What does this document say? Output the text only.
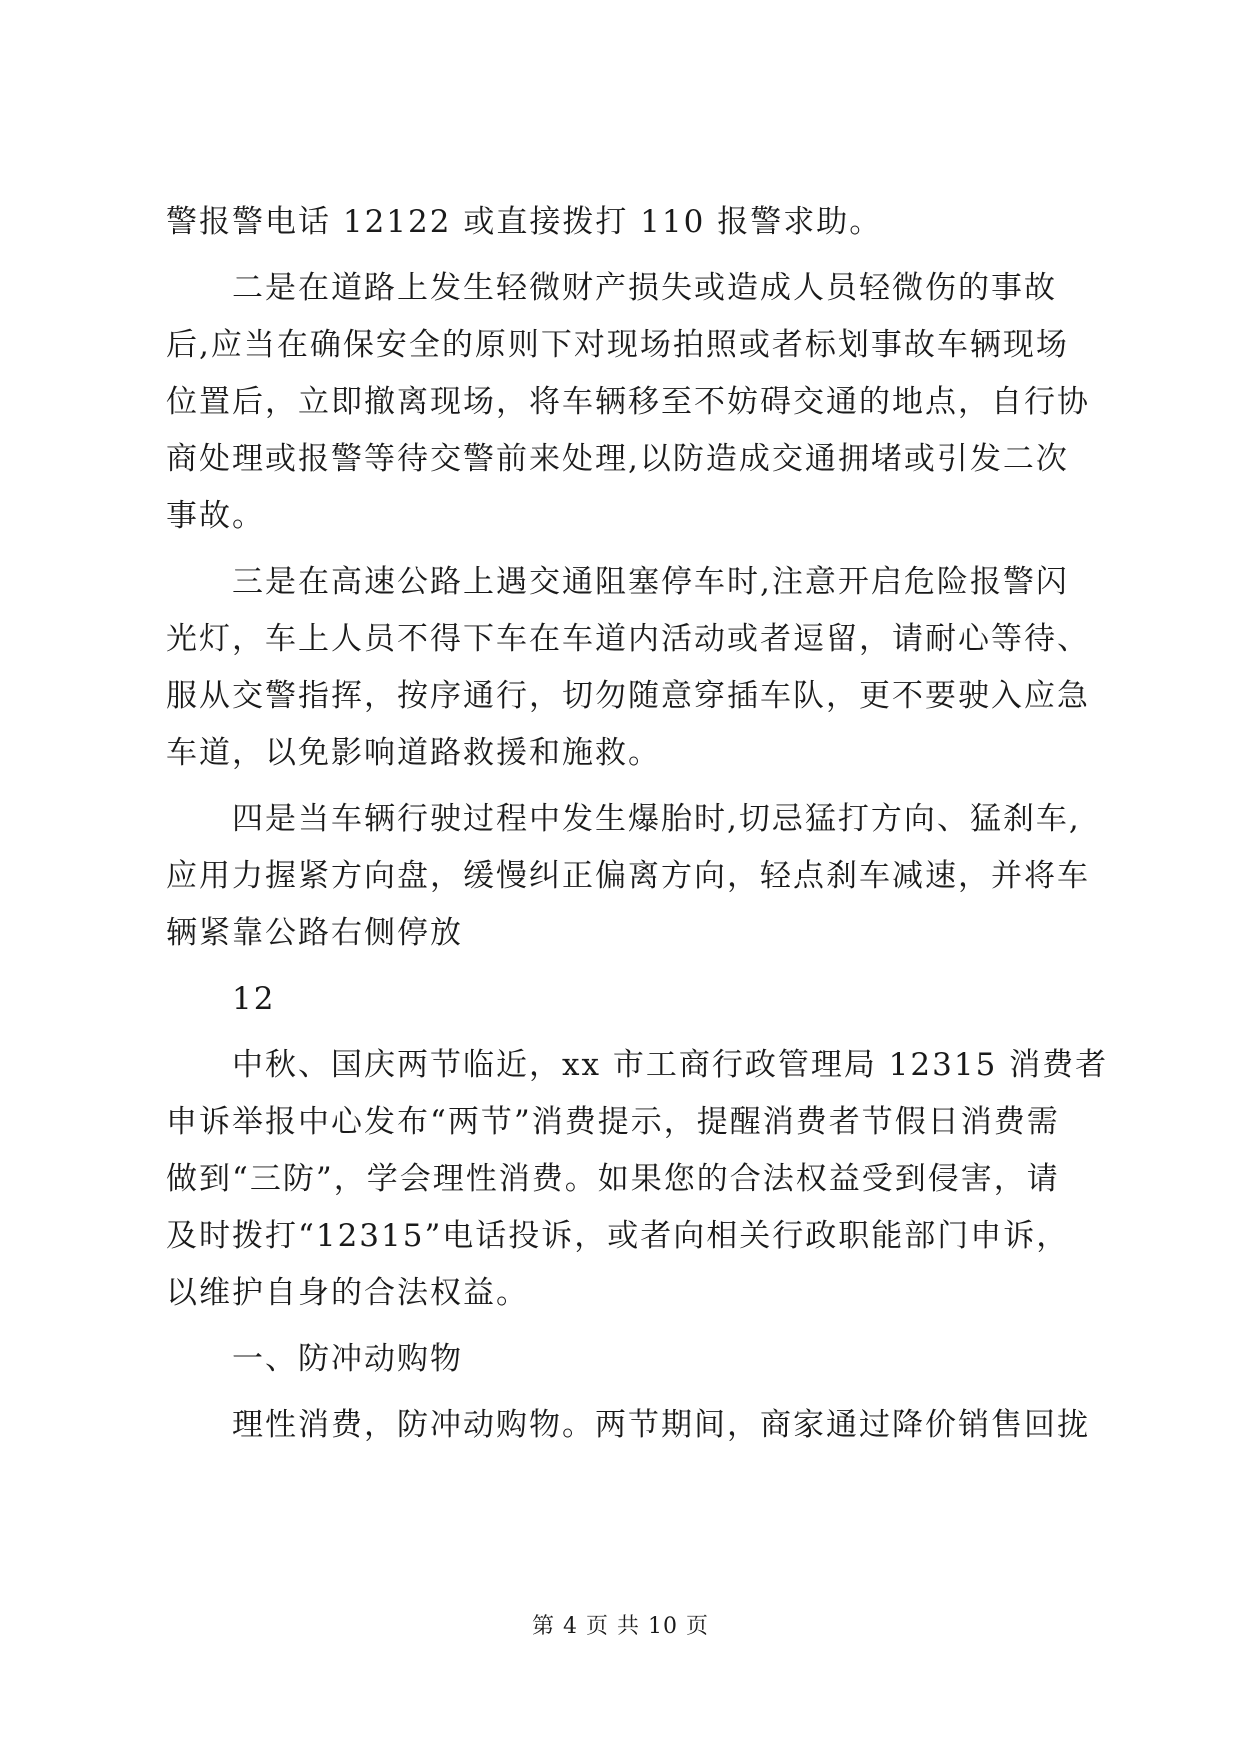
警报警电话 12122 或直接拨打 110 报警求助。
二是在道路上发生轻微财产损失或造成人员轻微伤的事故
后,应当在确保安全的原则下对现场拍照或者标划事故车辆现场
位置后，立即撤离现场，将车辆移至不妨碍交通的地点，自行协
商处理或报警等待交警前来处理,以防造成交通拥堵或引发二次
事故。
三是在高速公路上遇交通阻塞停车时,注意开启危险报警闪
光灯，车上人员不得下车在车道内活动或者逗留，请耐心等待、
服从交警指挥，按序通行，切勿随意穿插车队，更不要驶入应急
车道，以免影响道路救援和施救。
四是当车辆行驶过程中发生爆胎时,切忌猛打方向、猛刹车,
应用力握紧方向盘，缓慢纠正偏离方向，轻点刹车减速，并将车
辆紧靠公路右侧停放
12
中秋、国庆两节临近，xx 市工商行政管理局 12315 消费者
申诉举报中心发布“两节”消费提示，提醒消费者节假日消费需
做到“三防”，学会理性消费。如果您的合法权益受到侵害，请
及时拨打“12315”电话投诉，或者向相关行政职能部门申诉，
以维护自身的合法权益。
一、防冲动购物
理性消费，防冲动购物。两节期间，商家通过降价销售回拢
第 4 页 共 10 页
